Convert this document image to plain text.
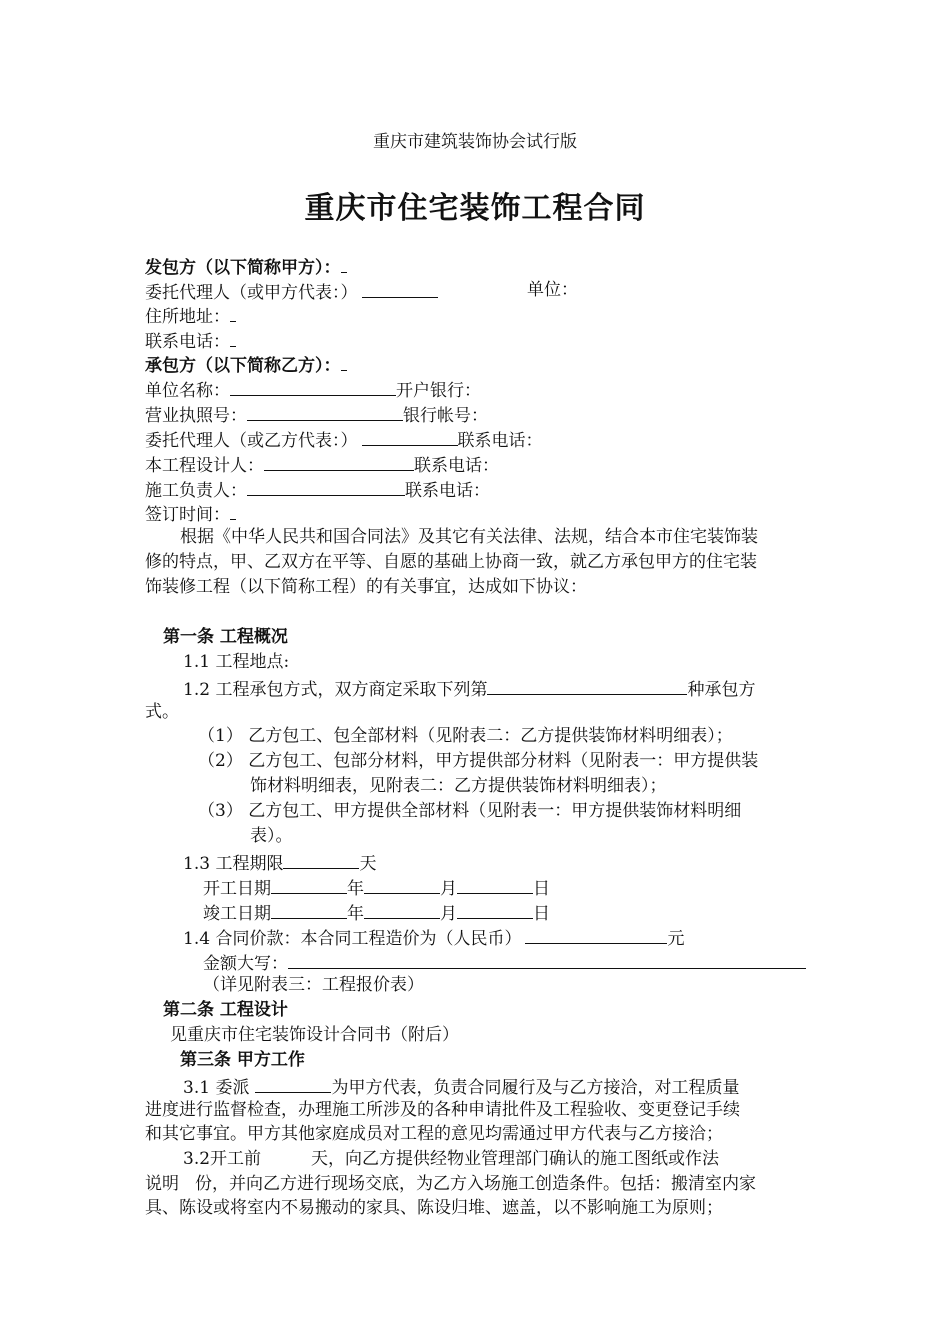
重庆市建筑装饰协会试行版
重庆市住宅装饰工程合同
发包方（以下简称甲方）：
委托代理人（或甲方代表：）	单位：
住所地址：
联系电话：
承包方（以下简称乙方）：
单位名称：	开户银行：
营业执照号：	银行帐号：
委托代理人（或乙方代表：）	联系电话：
本工程设计人：	联系电话：
施工负责人：	联系电话：
签订时间：
根据《中华人民共和国合同法》及其它有关法律、法规，结合本市住宅装饰装
修的特点，甲、乙双方在平等、自愿的基础上协商一致，就乙方承包甲方的住宅装
饰装修工程（以下简称工程）的有关事宜，达成如下协议：
第一条 工程概况
1.1 工程地点:
1.2 工程承包方式，双方商定采取下列第	种承包方
式。
（1） 乙方包工、包全部材料（见附表二：乙方提供装饰材料明细表）；
（2） 乙方包工、包部分材料，甲方提供部分材料（见附表一：甲方提供装
饰材料明细表，见附表二：乙方提供装饰材料明细表）；
（3） 乙方包工、甲方提供全部材料（见附表一：甲方提供装饰材料明细
表）。
1.3 工程期限	天
开工日期	年	月	日
竣工日期	年	月	日
1.4 合同价款：本合同工程造价为（人民币）	元
金额大写：
（详见附表三：工程报价表）
第二条 工程设计
见重庆市住宅装饰设计合同书（附后）
第三条 甲方工作
3.1 委派	为甲方代表，负责合同履行及与乙方接洽，对工程质量
进度进行监督检查，办理施工所涉及的各种申请批件及工程验收、变更登记手续
和其它事宜。甲方其他家庭成员对工程的意见均需通过甲方代表与乙方接洽；
3.2开工前	天，向乙方提供经物业管理部门确认的施工图纸或作法
说明 份，并向乙方进行现场交底，为乙方入场施工创造条件。包括：搬清室内家
具、陈设或将室内不易搬动的家具、陈设归堆、遮盖，以不影响施工为原则；
